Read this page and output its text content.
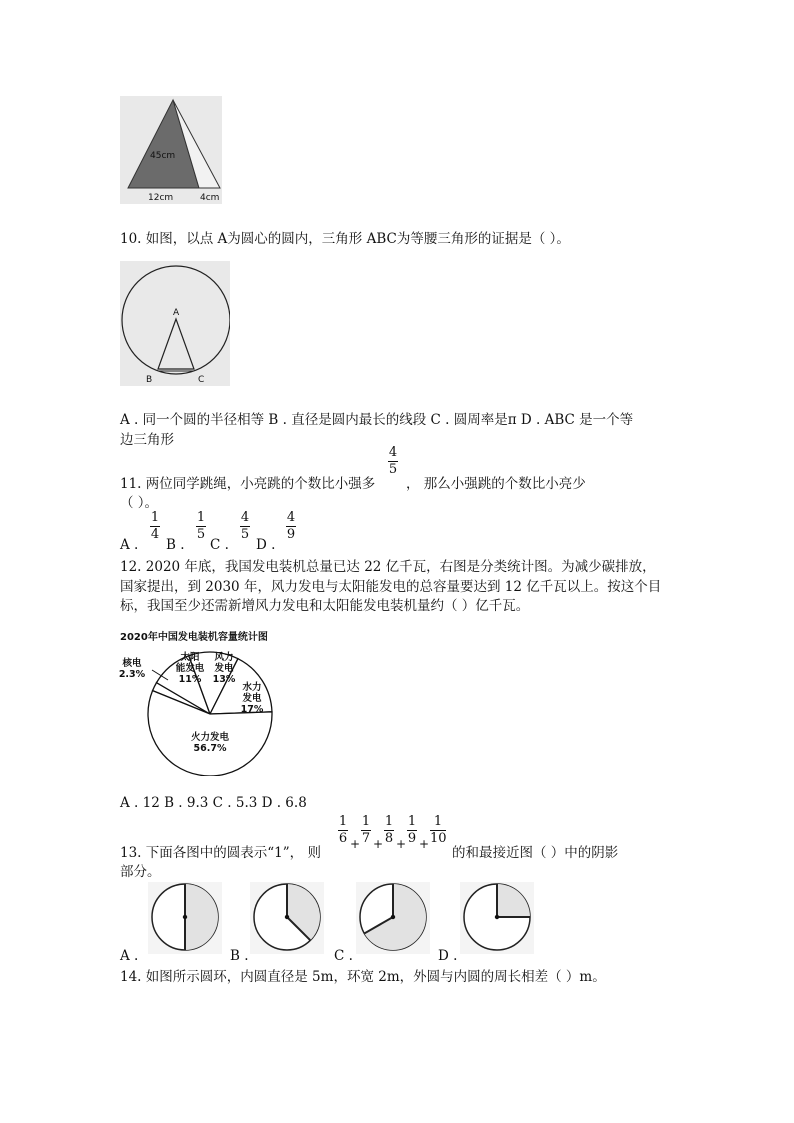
45cm
12cm	4cm
10. 如图，以点 A为圆心的圆内，三角形 ABC为等腰三角形的证据是（ ）。
A
B	C
A . 同一个圆的半径相等 B . 直径是圆内最长的线段 C . 圆周率是π D . ABC 是一个等
边三角形
11. 两位同学跳绳，小亮跳的个数比小强多
4
5
， 那么小强跳的个数比小亮少
（ ）。
A .
1
4
B .
1
5
C .
4
5
D .
4
9
12. 2020 年底，我国发电装机总量已达 22 亿千瓦，右图是分类统计图。为减少碳排放，
国家提出，到 2030 年，风力发电与太阳能发电的总容量要达到 12 亿千瓦以上。按这个目
标，我国至少还需新增风力发电和太阳能发电装机量约（ ）亿千瓦。
2020年中国发电装机容量统计图
核电
2.3%
太阳
能发电
11%
风力
发电
13%
水力
发电
17%
火力发电
56.7%
A . 12 B . 9.3 C . 5.3 D . 6.8
13. 下面各图中的圆表示“1”， 则
1
6 +
1
7 +
1
8 +
1
9 +
1
10
的和最接近图（ ）中的阴影
部分。
A .	B .	C .	D .
14. 如图所示圆环，内圆直径是 5m，环宽 2m，外圆与内圆的周长相差（ ）m。
